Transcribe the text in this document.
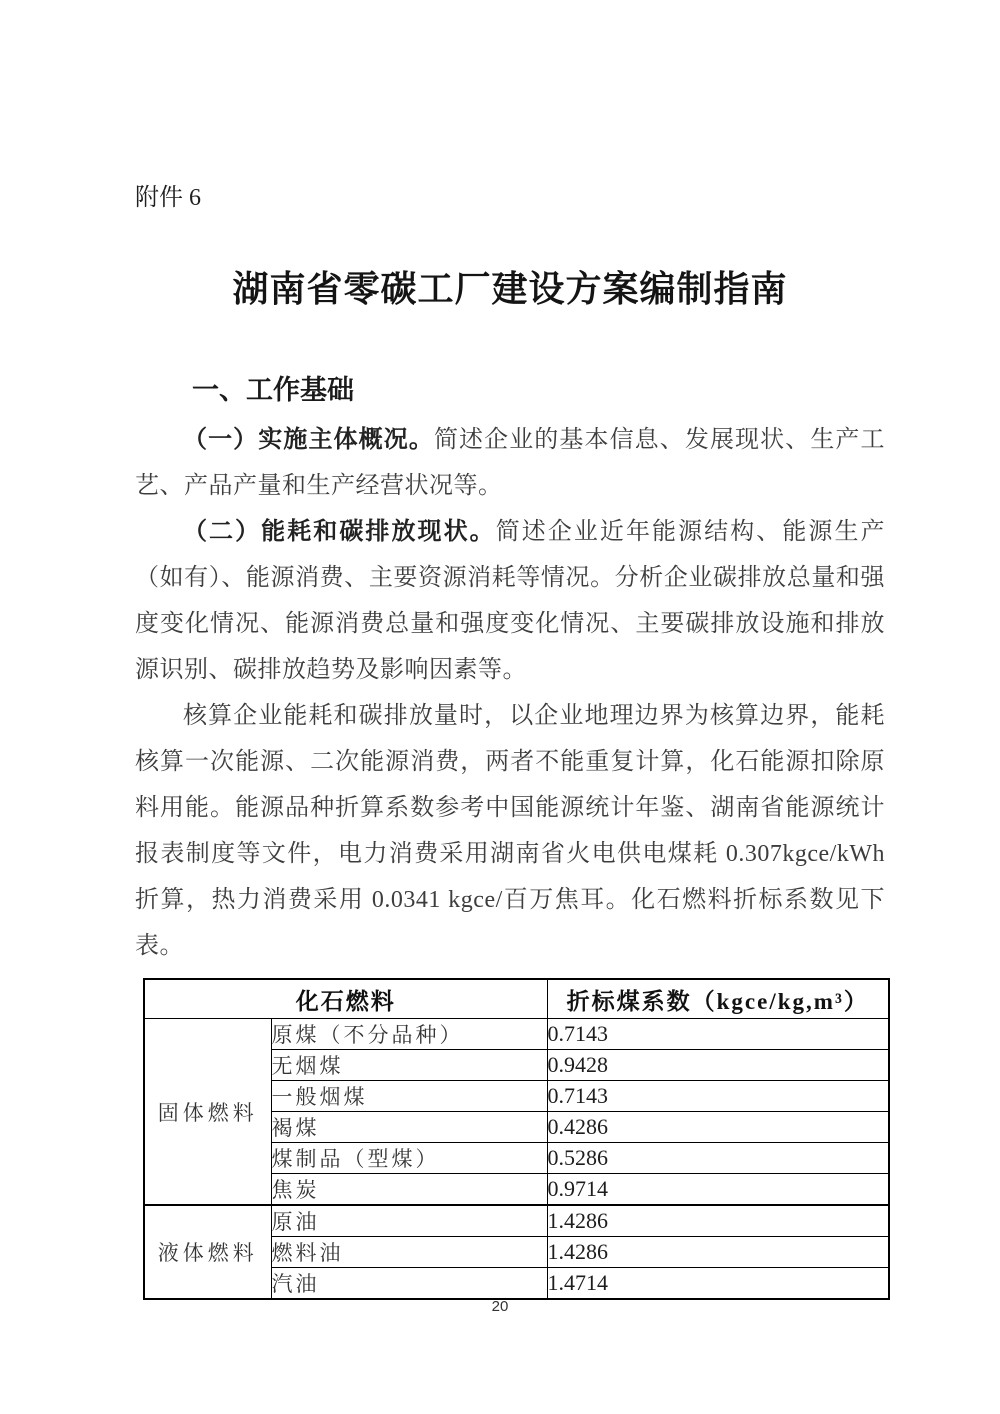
附件 6
湖南省零碳工厂建设方案编制指南
一、工作基础

（一）实施主体概况。简述企业的基本信息、发展现状、生产工艺、产品产量和生产经营状况等。

（二）能耗和碳排放现状。简述企业近年能源结构、能源生产（如有）、能源消费、主要资源消耗等情况。分析企业碳排放总量和强度变化情况、能源消费总量和强度变化情况、主要碳排放设施和排放源识别、碳排放趋势及影响因素等。

核算企业能耗和碳排放量时，以企业地理边界为核算边界，能耗核算一次能源、二次能源消费，两者不能重复计算，化石能源扣除原料用能。能源品种折算系数参考中国能源统计年鉴、湖南省能源统计报表制度等文件，电力消费采用湖南省火电供电煤耗 0.307kgce/kWh 折算，热力消费采用 0.0341 kgce/百万焦耳。化石燃料折标系数见下表。

化石燃料		折标煤系数（kgce/kg,m³）
固体燃料	原煤（不分品种）	0.7143
	无烟煤	0.9428
	一般烟煤	0.7143
	褐煤	0.4286
	煤制品（型煤）	0.5286
	焦炭	0.9714
液体燃料	原油	1.4286
	燃料油	1.4286
	汽油	1.4714
20
